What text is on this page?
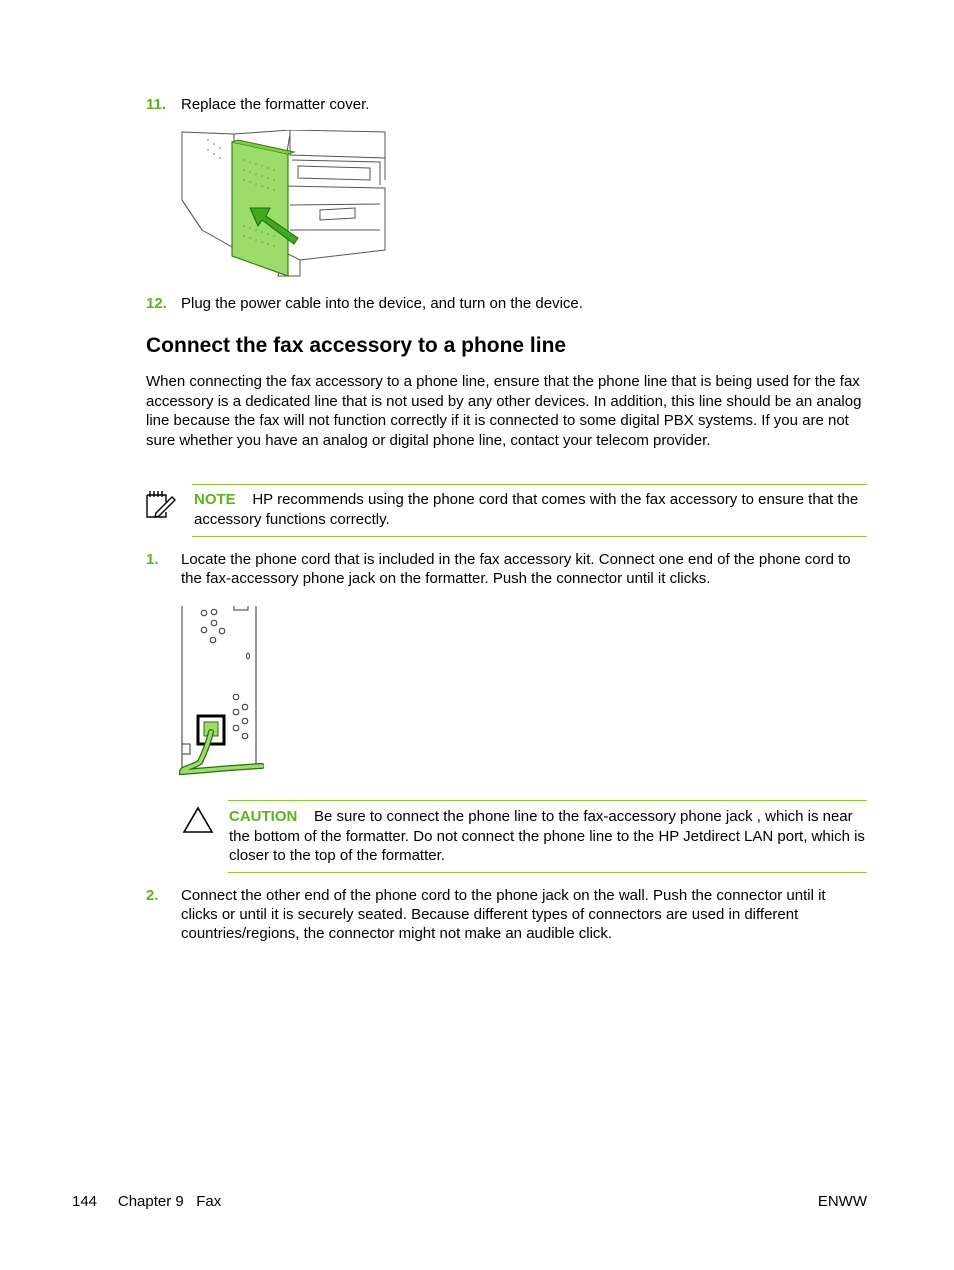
11. Replace the formatter cover.
12. Plug the power cable into the device, and turn on the device.
Connect the fax accessory to a phone line
When connecting the fax accessory to a phone line, ensure that the phone line that is being used for the fax accessory is a dedicated line that is not used by any other devices. In addition, this line should be an analog line because the fax will not function correctly if it is connected to some digital PBX systems. If you are not sure whether you have an analog or digital phone line, contact your telecom provider.
NOTE HP recommends using the phone cord that comes with the fax accessory to ensure that the accessory functions correctly.
1. Locate the phone cord that is included in the fax accessory kit. Connect one end of the phone cord to the fax-accessory phone jack on the formatter. Push the connector until it clicks.
CAUTION Be sure to connect the phone line to the fax-accessory phone jack , which is near the bottom of the formatter. Do not connect the phone line to the HP Jetdirect LAN port, which is closer to the top of the formatter.
2. Connect the other end of the phone cord to the phone jack on the wall. Push the connector until it clicks or until it is securely seated. Because different types of connectors are used in different countries/regions, the connector might not make an audible click.
144 Chapter 9   Fax	ENWW
